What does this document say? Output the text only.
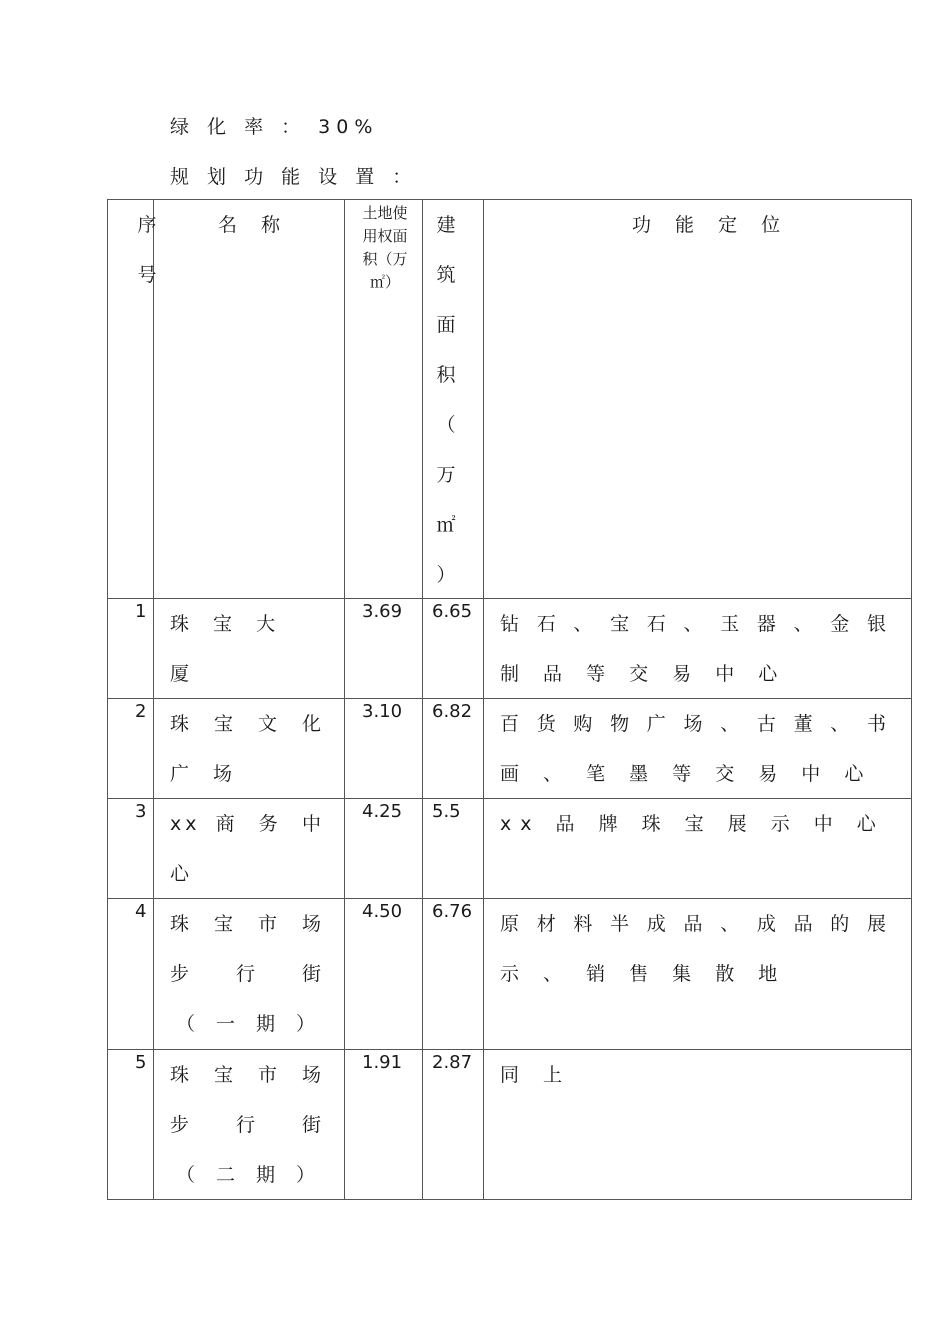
绿 化 率 ： 30%
规 划 功 能 设 置 ：
序
号
名 称
土地使用权面积（万㎡）
建
筑
面
积
（
万
㎡
）
功 能 定 位
1
珠 宝 大 厦
3.69 6.65
钻 石 、 宝 石 、 玉 器 、 金 银
制 品 等 交 易 中 心
2
珠 宝 文 化
广 场
3.10 6.82
百 货 购 物 广 场 、 古 董 、 书
画 、 笔 墨 等 交 易 中 心
3
xx 商 务 中
心
4.25 5.5
xx 品 牌 珠 宝 展 示 中 心
4
珠 宝 市 场
步 行 街
（ 一 期 ）
4.50 6.76
原 材 料 半 成 品 、 成 品 的 展
示 、 销 售 集 散 地
5
珠 宝 市 场
步 行 街
（ 二 期 ）
1.91 2.87
同 上
